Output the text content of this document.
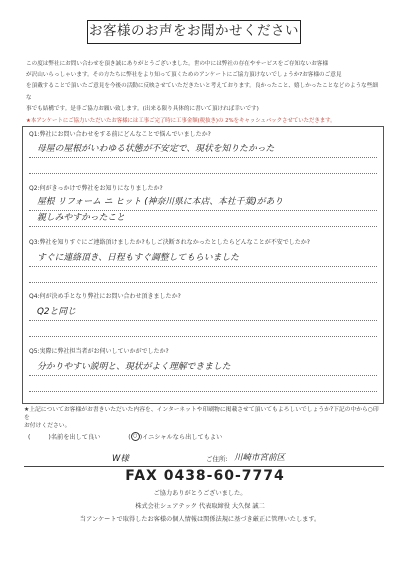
お客様のお声をお聞かせください
この度は弊社にお問い合わせを頂き誠にありがとうございました。世の中には弊社の存在やサービスをご存知ないお客様
が沢山いらっしゃいます。その方たちに弊社をより知って頂くためのアンケートにご協力頂けないでしょうか?お客様のご意見
を頂戴することで頂いたご意見を今後の活動に反映させていただきたいと考えております。良かったこと、嬉しかったことなどのような些細な
事でも結構です。是非ご協力お願い致します。(出来る限り具体的に書いて頂ければ幸いです)
★本アンケートにご協力いただいたお客様には工事ご完了時に工事金額(税抜き)の 2%をキャッシュバックさせていただきます。
Q1:弊社にお問い合わせをする前にどんなことで悩んでいましたか?
母屋の屋根がいわゆる状態が不安定で、現状を知りたかった
Q2:何がきっかけで弊社をお知りになりましたか?
屋根 リフォーム ニ ヒット (神奈川県に本店、本社千葉)があり
親しみやすかったこと
Q3:弊社を知りすぐにご連絡頂けましたか?もしご決断されなかったとしたらどんなことが不安でしたか?
すぐに連絡頂き、日程もすぐ調整してもらいました
Q4:何が決め手となり弊社にお問い合わせ頂きましたか?
Q2と同じ
Q5:実際に弊社担当者がお伺いしていかがでしたか?
分かりやすい説明と、現状がよく理解できました
★上記についてお客様がお書きいただいた内容を、インターネットや印刷物に掲載させて頂いてもよろしいでしょうか?下記の中から○印を
お付けください。
(	)名前を出して良い	( ○ )イニシャルなら出してもよい
W様	ご住所: 川崎市宮前区
FAX 0438-60-7774
ご協力ありがとうございました。
株式会社シェアテック 代表取締役 大久保 誠二
当アンケートで取得したお客様の個人情報は関係法規に基づき厳正に管理いたします。
